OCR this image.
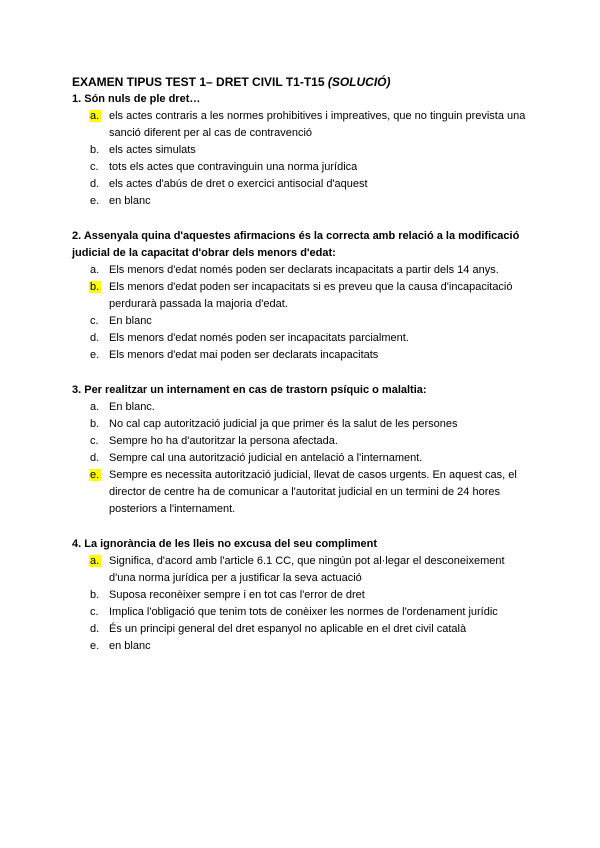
EXAMEN TIPUS TEST 1– DRET CIVIL T1-T15 (SOLUCIÓ)
1. Són nuls de ple dret…
a. els actes contraris a les normes prohibitives i impreatives, que no tinguin prevista una sanció diferent per al cas de contravenció
b. els actes simulats
c. tots els actes que contravinguin una norma jurídica
d. els actes d'abús de dret o exercici antisocial d'aquest
e. en blanc
2. Assenyala quina d'aquestes afirmacions és la correcta amb relació a la modificació judicial de la capacitat d'obrar dels menors d'edat:
a. Els menors d'edat només poden ser declarats incapacitats a partir dels 14 anys.
b. Els menors d'edat poden ser incapacitats si es preveu que la causa d'incapacitació perdurarà passada la majoria d'edat.
c. En blanc
d. Els menors d'edat només poden ser incapacitats parcialment.
e. Els menors d'edat mai poden ser declarats incapacitats
3. Per realitzar un internament en cas de trastorn psíquic o malaltia:
a. En blanc.
b. No cal cap autorització judicial ja que primer és la salut de les persones
c. Sempre ho ha d'autoritzar la persona afectada.
d. Sempre cal una autorització judicial en antelació a l'internament.
e. Sempre es necessita autorització judicial, llevat de casos urgents. En aquest cas, el director de centre ha de comunicar a l'autoritat judicial en un termini de 24 hores posteriors a l'internament.
4. La ignorància de les lleis no excusa del seu compliment
a. Significa, d'acord amb l'article 6.1 CC, que ningún pot al·legar el desconeixement d'una norma jurídica per a justificar la seva actuació
b. Suposa reconèixer sempre i en tot cas l'error de dret
c. Implica l'obligació que tenim tots de conèixer les normes de l'ordenament jurídic
d. És un principi general del dret espanyol no aplicable en el dret civil català
e. en blanc
